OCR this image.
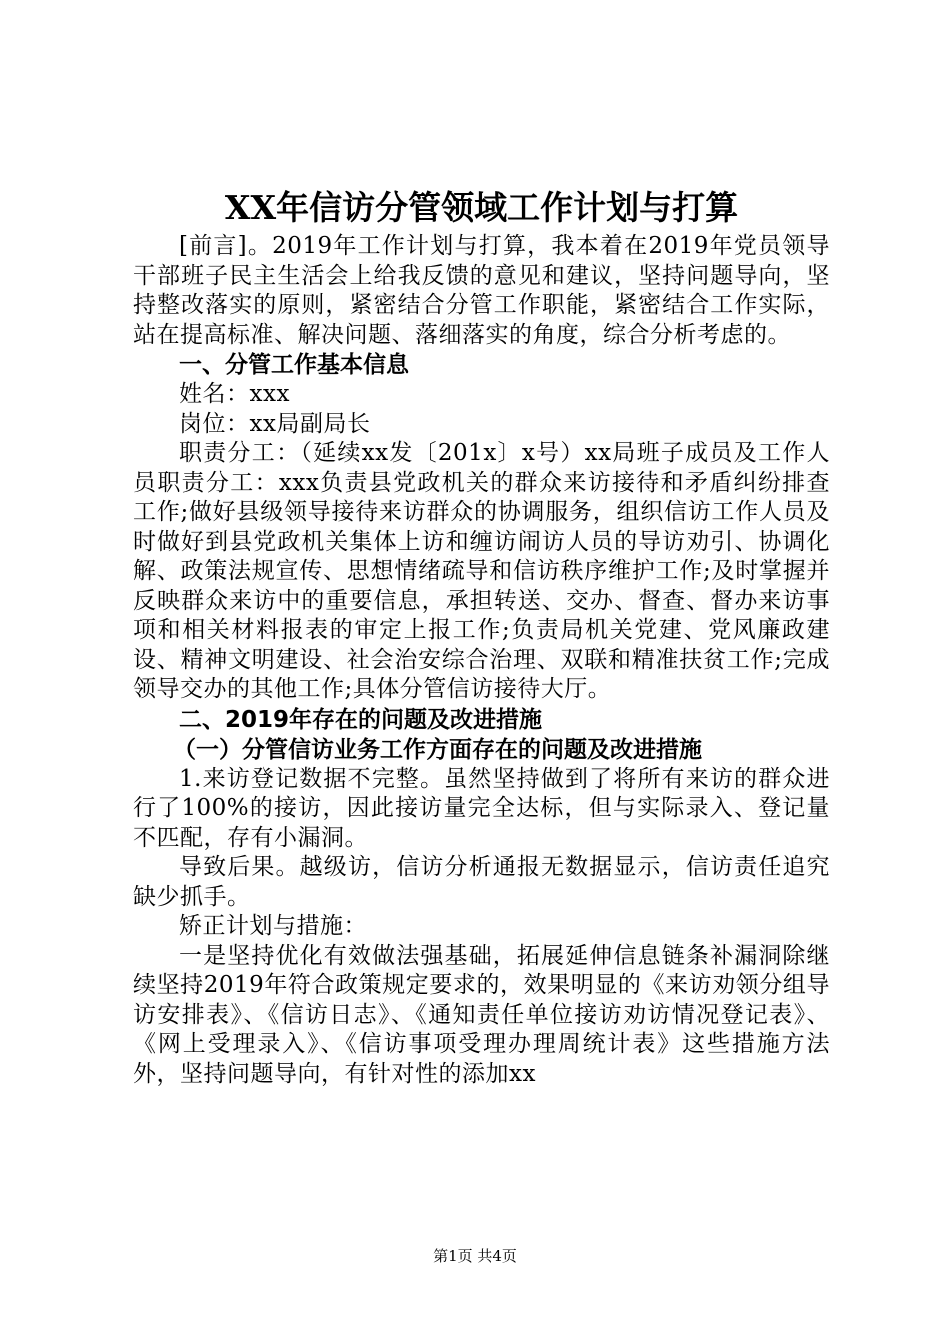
XX年信访分管领域工作计划与打算

[前言]。2019年工作计划与打算，我本着在2019年党员领导干部班子民主生活会上给我反馈的意见和建议，坚持问题导向，坚持整改落实的原则，紧密结合分管工作职能，紧密结合工作实际，站在提高标准、解决问题、落细落实的角度，综合分析考虑的。

一、分管工作基本信息

姓名：xxx

岗位：xx局副局长

职责分工：（延续xx发〔201x〕x号）xx局班子成员及工作人员职责分工：xxx负责县党政机关的群众来访接待和矛盾纠纷排查工作;做好县级领导接待来访群众的协调服务，组织信访工作人员及时做好到县党政机关集体上访和缠访闹访人员的导访劝引、协调化解、政策法规宣传、思想情绪疏导和信访秩序维护工作;及时掌握并反映群众来访中的重要信息，承担转送、交办、督查、督办来访事项和相关材料报表的审定上报工作;负责局机关党建、党风廉政建设、精神文明建设、社会治安综合治理、双联和精准扶贫工作;完成领导交办的其他工作;具体分管信访接待大厅。

二、2019年存在的问题及改进措施

（一）分管信访业务工作方面存在的问题及改进措施

1.来访登记数据不完整。虽然坚持做到了将所有来访的群众进行了100%的接访，因此接访量完全达标，但与实际录入、登记量不匹配，存有小漏洞。

导致后果。越级访，信访分析通报无数据显示，信访责任追究缺少抓手。

矫正计划与措施：

一是坚持优化有效做法强基础，拓展延伸信息链条补漏洞除继续坚持2019年符合政策规定要求的，效果明显的《来访劝领分组导访安排表》、《信访日志》、《通知责任单位接访劝访情况登记表》、《网上受理录入》、《信访事项受理办理周统计表》这些措施方法外，坚持问题导向，有针对性的添加xx

第1页 共4页
